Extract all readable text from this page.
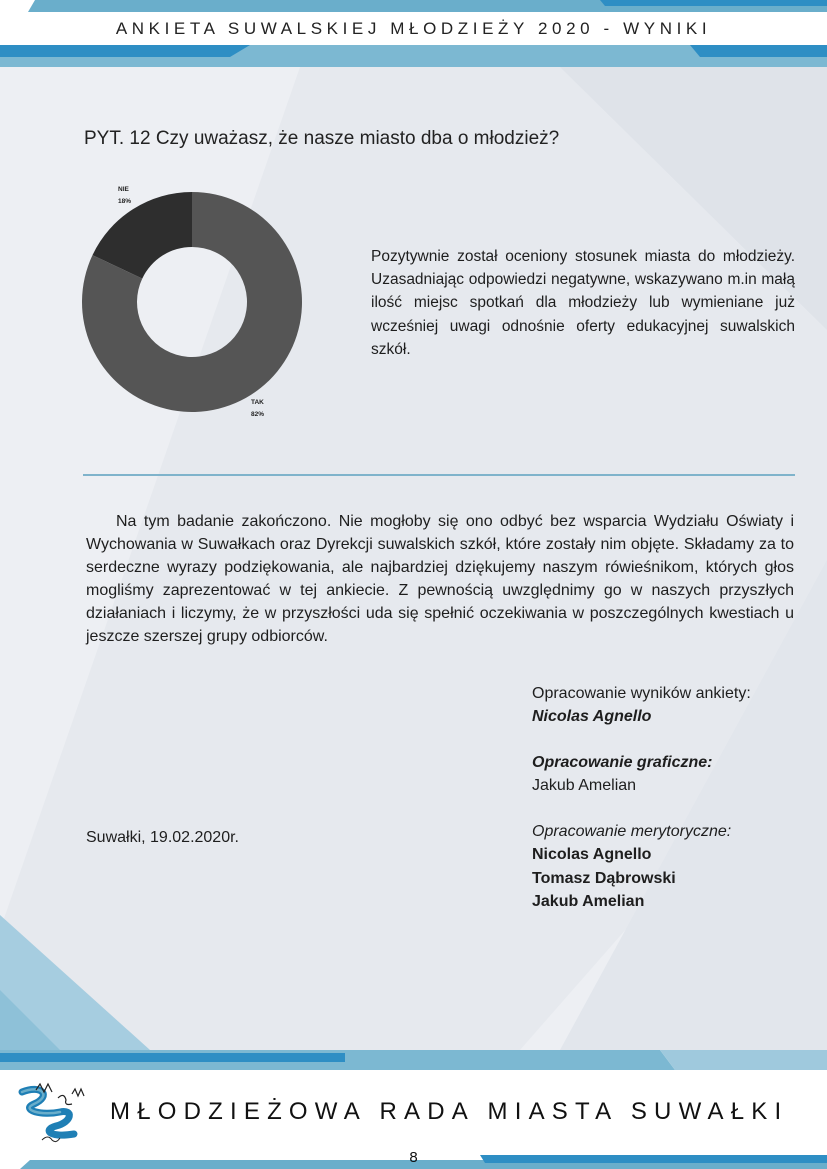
ANKIETA SUWALSKIEJ MŁODZIEŻY 2020 - WYNIKI
PYT. 12 Czy uważasz, że nasze miasto dba o młodzież?
NIE
18%
TAK
82%
Pozytywnie został oceniony stosunek miasta do młodzieży. Uzasadniając odpowiedzi negatywne, wskazywano m.in małą ilość miejsc spotkań dla młodzieży lub wymieniane już wcześniej uwagi odnośnie oferty edukacyjnej suwalskich szkół.
Na tym badanie zakończono. Nie mogłoby się ono odbyć bez wsparcia Wydziału Oświaty i Wychowania w Suwałkach oraz Dyrekcji suwalskich szkół, które zostały nim objęte. Składamy za to serdeczne wyrazy podziękowania, ale najbardziej dziękujemy naszym rówieśnikom, których głos mogliśmy zaprezentować w tej ankiecie. Z pewnością uwzględnimy go w naszych przyszłych działaniach i liczymy, że w przyszłości uda się spełnić oczekiwania w poszczególnych kwestiach u jeszcze szerszej grupy odbiorców.
Opracowanie wyników ankiety:
Nicolas Agnello
Opracowanie graficzne:
Jakub Amelian
Opracowanie merytoryczne:
Nicolas Agnello
Tomasz Dąbrowski
Jakub Amelian
Suwałki, 19.02.2020r.
MŁODZIEŻOWA RADA MIASTA SUWAŁKI
8
